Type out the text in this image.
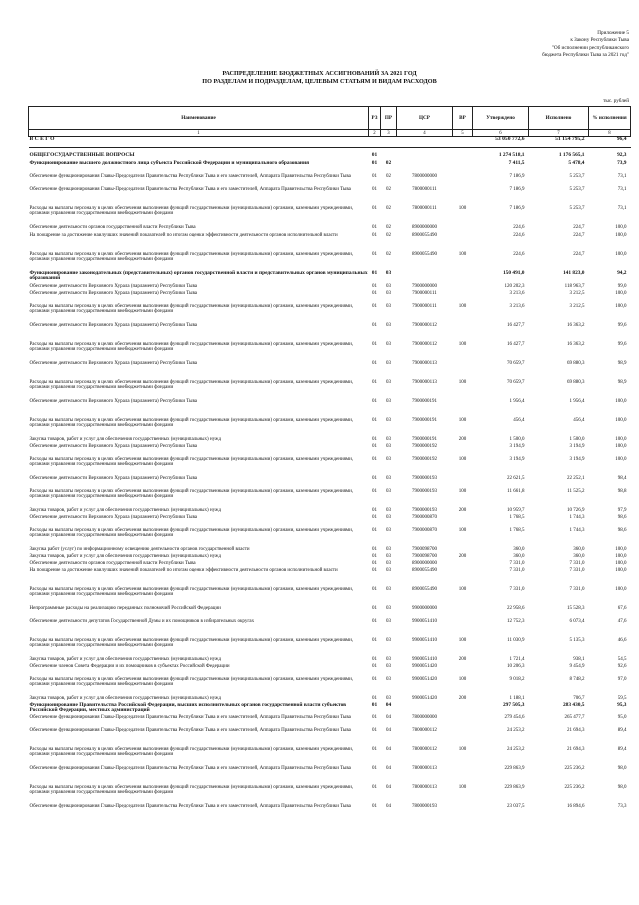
Приложение 5
к Закону Республики Тыва
"Об исполнении республиканского
бюджета Республики Тыва за 2021 год"
РАСПРЕДЕЛЕНИЕ БЮДЖЕТНЫХ АССИГНОВАНИЙ ЗА 2021 ГОД
ПО РАЗДЕЛАМ И ПОДРАЗДЕЛАМ, ЦЕЛЕВЫМ СТАТЬЯМ И ВИДАМ РАСХОДОВ
тыс. рублей
Наименование	РЗ	ПР	ЦСР	ВР	Утверждено	Исполнено	% исполнения
1	2	3	4	5	6	7	8
В С Е Г О					53 050 772,6	51 154 795,2	96,4

ОБЩЕГОСУДАРСТВЕННЫЕ ВОПРОСЫ	01				1 274 518,1	1 176 565,1	92,3
Функционирование высшего должностного лица субъекта Российской Федерации и муниципального образования	01	02			7 411,5	5 478,4	73,9
Обеспечение функционирования Главы-Председателя Правительства Республики Тыва и его заместителей, Аппарата Правительства Республики Тыва	01	02	7800000000		7 186,9	5 253,7	73,1
Обеспечение функционирования Главы-Председателя Правительства Республики Тыва и его заместителей, Аппарата Правительства Республики Тыва	01	02	7800000111		7 186,9	5 253,7	73,1
Расходы на выплаты персоналу в целях обеспечения выполнения функций государственными (муниципальными) органами, казенными учреждениями, органами управления государственными внебюджетными фондами	01	02	7800000111	100	7 186,9	5 253,7	73,1
Обеспечение деятельности органов государственной власти Республики Тыва	01	02	8900000000		224,6	224,7	100,0
На поощрение за достижение наилучших значений показателей по итогам оценки эффективности деятельности органов исполнительной власти	01	02	8900055490		224,6	224,7	100,0
Расходы на выплаты персоналу в целях обеспечения выполнения функций государственными (муниципальными) органами, казенными учреждениями, органами управления государственными внебюджетными фондами	01	02	8900055490	100	224,6	224,7	100,0
Функционирование законодательных (представительных) органов государственной власти и представительных органов муниципальных образований	01	03			150 491,0	141 823,0	94,2
Обеспечение деятельности Верховного Хурала (парламента) Республики Тыва	01	03	7900000000		120 202,3	118 963,7	99,0
Обеспечение деятельности Верховного Хурала (парламента) Республики Тыва	01	03	7900000111		3 213,6	3 212,5	100,0
Расходы на выплаты персоналу в целях обеспечения выполнения функций государственными (муниципальными) органами, казенными учреждениями, органами управления государственными внебюджетными фондами	01	03	7900000111	100	3 213,6	3 212,5	100,0
Обеспечение деятельности Верховного Хурала (парламента) Республики Тыва	01	03	7900000112		16 427,7	16 363,2	99,6
Расходы на выплаты персоналу в целях обеспечения выполнения функций государственными (муниципальными) органами, казенными учреждениями, органами управления государственными внебюджетными фондами	01	03	7900000112	100	16 427,7	16 363,2	99,6
Обеспечение деятельности Верховного Хурала (парламента) Республики Тыва	01	03	7900000113		70 659,7	69 880,3	98,9
Расходы на выплаты персоналу в целях обеспечения выполнения функций государственными (муниципальными) органами, казенными учреждениями, органами управления государственными внебюджетными фондами	01	03	7900000113	100	70 659,7	69 880,3	98,9
Обеспечение деятельности Верховного Хурала (парламента) Республики Тыва	01	03	7900000191		1 956,4	1 956,4	100,0
Расходы на выплаты персоналу в целях обеспечения выполнения функций государственными (муниципальными) органами, казенными учреждениями, органами управления государственными внебюджетными фондами	01	03	7900000191	100	456,4	456,4	100,0
Закупка товаров, работ и услуг для обеспечения государственных (муниципальных) нужд	01	03	7900000191	200	1 500,0	1 500,0	100,0
Обеспечение деятельности Верховного Хурала (парламента) Республики Тыва	01	03	7900000192		3 194,9	3 194,9	100,0
Расходы на выплаты персоналу в целях обеспечения выполнения функций государственными (муниципальными) органами, казенными учреждениями, органами управления государственными внебюджетными фондами	01	03	7900000192	100	3 194,9	3 194,9	100,0
Обеспечение деятельности Верховного Хурала (парламента) Республики Тыва	01	03	7900000193		22 621,5	22 252,1	98,4
Расходы на выплаты персоналу в целях обеспечения выполнения функций государственными (муниципальными) органами, казенными учреждениями, органами управления государственными внебюджетными фондами	01	03	7900000193	100	11 661,8	11 525,2	98,8
Закупка товаров, работ и услуг для обеспечения государственных (муниципальных) нужд	01	03	7900000193	200	10 959,7	10 726,9	97,9
Обеспечение деятельности Верховного Хурала (парламента) Республики Тыва	01	03	7900000870		1 768,5	1 744,3	98,6
Расходы на выплаты персоналу в целях обеспечения выполнения функций государственными (муниципальными) органами, казенными учреждениями, органами управления государственными внебюджетными фондами	01	03	7900000870	100	1 768,5	1 744,3	98,6
Закупка работ (услуг) по информационному освещению деятельности органов государственной власти	01	03	7900098700		360,0	360,0	100,0
Закупка товаров, работ и услуг для обеспечения государственных (муниципальных) нужд	01	03	7900098700	200	360,0	360,0	100,0
Обеспечение деятельности органов государственной власти Республики Тыва	01	03	8900000000		7 331,0	7 331,0	100,0
На поощрение за достижение наилучших значений показателей по итогам оценки эффективности деятельности органов исполнительной власти	01	03	8900055490		7 331,0	7 331,0	100,0
Расходы на выплаты персоналу в целях обеспечения выполнения функций государственными (муниципальными) органами, казенными учреждениями, органами управления государственными внебюджетными фондами	01	03	8900055490	100	7 331,0	7 331,0	100,0
Непрограммные расходы на реализацию переданных полномочий Российской Федерации	01	03	9900000000		22 958,6	15 528,3	67,6
Обеспечение деятельности депутатов Государственной Думы и их помощников в избирательных округах	01	03	9900051410		12 752,3	6 073,4	47,6
Расходы на выплаты персоналу в целях обеспечения выполнения функций государственными (муниципальными) органами, казенными учреждениями, органами управления государственными внебюджетными фондами	01	03	9900051410	100	11 030,9	5 135,3	46,6
Закупка товаров, работ и услуг для обеспечения государственных (муниципальных) нужд	01	03	9900051410	200	1 721,4	938,1	54,5
Обеспечение членов Совета Федерации и их помощников в субъектах Российской Федерации	01	03	9900051420		10 206,3	9 454,9	92,6
Расходы на выплаты персоналу в целях обеспечения выполнения функций государственными (муниципальными) органами, казенными учреждениями, органами управления государственными внебюджетными фондами	01	03	9900051420	100	9 018,2	8 748,2	97,0
Закупка товаров, работ и услуг для обеспечения государственных (муниципальных) нужд	01	03	9900051420	200	1 188,1	706,7	59,5
Функционирование Правительства Российской Федерации, высших исполнительных органов государственной власти субъектов Российской Федерации, местных администраций	01	04			297 505,3	283 430,5	95,3
Обеспечение функционирования Главы-Председателя Правительства Республики Тыва и его заместителей, Аппарата Правительства Республики Тыва	01	04	7800000000		279 454,6	265 477,7	95,0
Обеспечение функционирования Главы-Председателя Правительства Республики Тыва и его заместителей, Аппарата Правительства Республики Тыва	01	04	7800000112		24 253,2	21 694,3	89,4
Расходы на выплаты персоналу в целях обеспечения выполнения функций государственными (муниципальными) органами, казенными учреждениями, органами управления государственными внебюджетными фондами	01	04	7800000112	100	24 253,2	21 694,3	89,4
Обеспечение функционирования Главы-Председателя Правительства Республики Тыва и его заместителей, Аппарата Правительства Республики Тыва	01	04	7800000113		229 863,9	225 236,2	98,0
Расходы на выплаты персоналу в целях обеспечения выполнения функций государственными (муниципальными) органами, казенными учреждениями, органами управления государственными внебюджетными фондами	01	04	7800000113	100	229 863,9	225 236,2	98,0
Обеспечение функционирования Главы-Председателя Правительства Республики Тыва и его заместителей, Аппарата Правительства Республики Тыва	01	04	7800000193		23 037,5	16 894,6	73,3
